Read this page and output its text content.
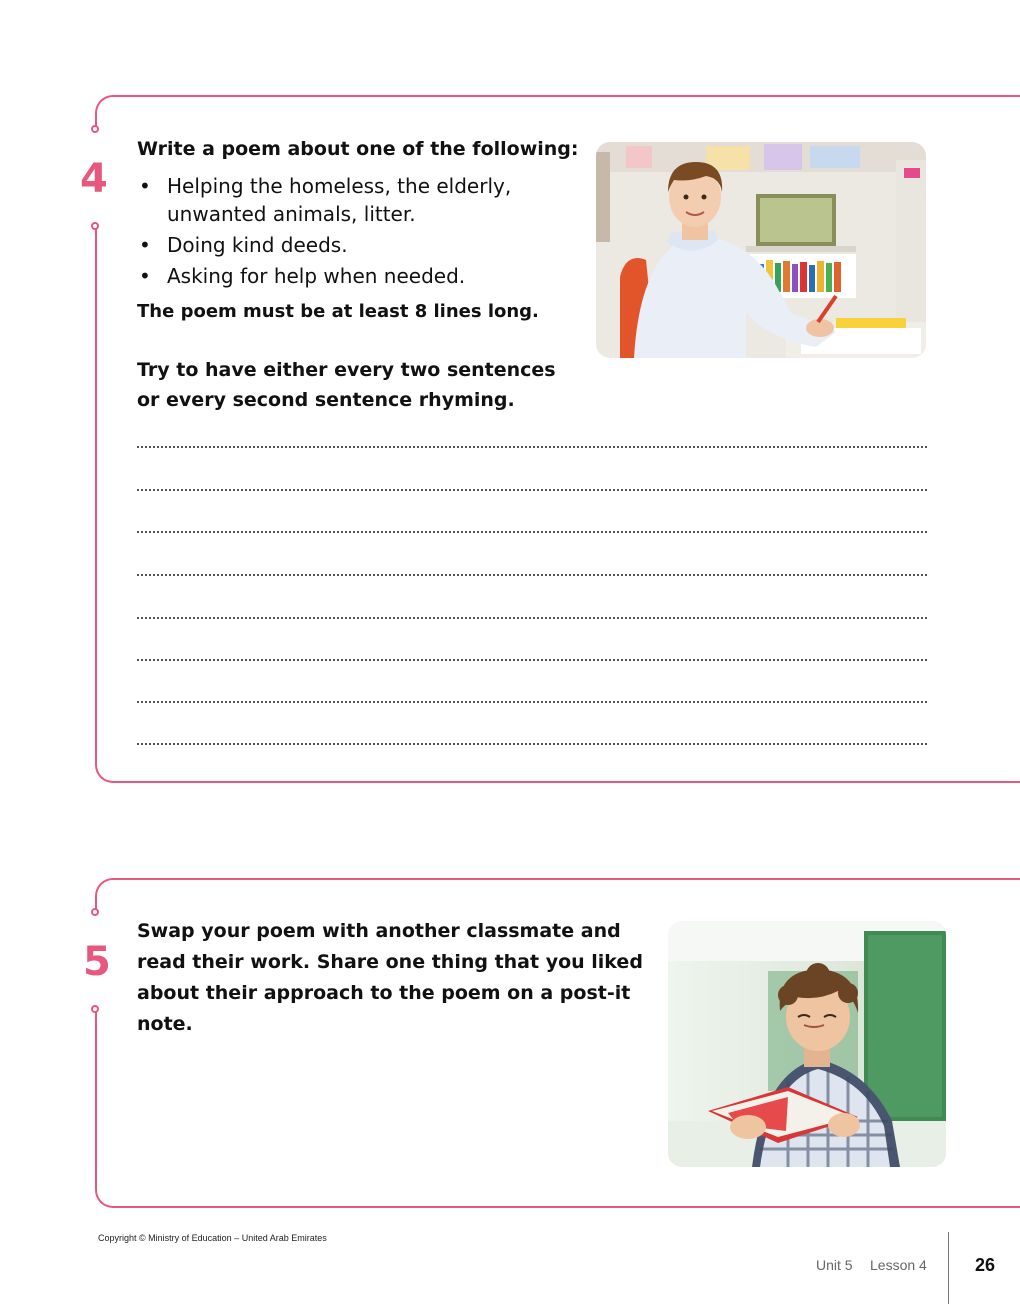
4
Write a poem about one of the following:
• Helping the homeless, the elderly, unwanted animals, litter.
• Doing kind deeds.
• Asking for help when needed.
The poem must be at least 8 lines long.
Try to have either every two sentences or every second sentence rhyming.
5
Swap your poem with another classmate and read their work. Share one thing that you liked about their approach to the poem on a post-it note.
Copyright © Ministry of Education – United Arab Emirates
Unit 5 Lesson 4	26
